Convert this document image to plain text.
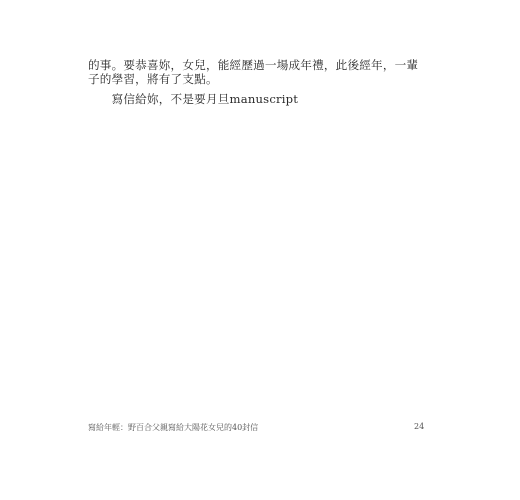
的事。要恭喜妳，女兒，能經歷過一場成年禮，此後經年，一輩
子的學習，將有了支點。
　　寫信給妳，不是要月旦manuscript
寫給年輕：野百合父親寫給大陽花女兒的40封信	24
